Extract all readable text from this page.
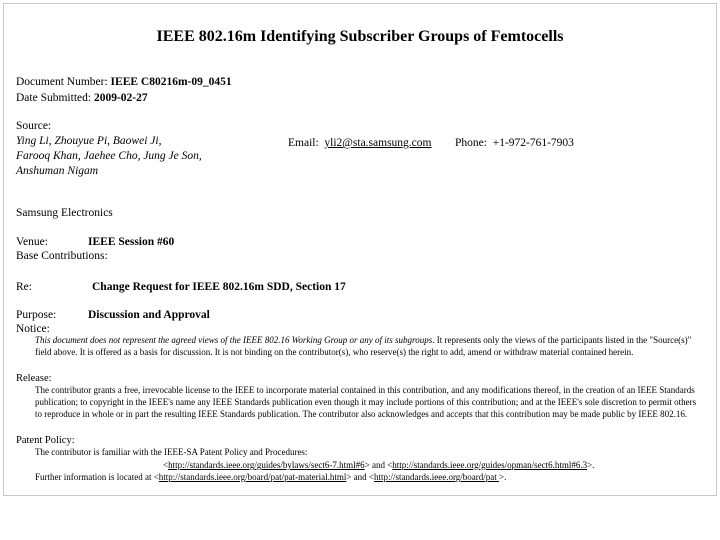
IEEE 802.16m Identifying Subscriber Groups of Femtocells
Document Number: IEEE C80216m-09_0451
Date Submitted: 2009-02-27
Source:
Ying Li, Zhouyue Pi, Baowei Ji,
Farooq Khan, Jaehee Cho, Jung Je Son,
Anshuman Nigam
Email: yli2@sta.samsung.com Phone: +1-972-761-7903
Samsung Electronics
Venue:	IEEE Session #60
Base Contributions:
Re:	Change Request for IEEE 802.16m SDD, Section 17
Purpose:	Discussion and Approval
Notice:
This document does not represent the agreed views of the IEEE 802.16 Working Group or any of its subgroups. It represents only the views of the participants listed in the "Source(s)" field above. It is offered as a basis for discussion. It is not binding on the contributor(s), who reserve(s) the right to add, amend or withdraw material contained herein.
Release:
The contributor grants a free, irrevocable license to the IEEE to incorporate material contained in this contribution, and any modifications thereof, in the creation of an IEEE Standards publication; to copyright in the IEEE's name any IEEE Standards publication even though it may include portions of this contribution; and at the IEEE's sole discretion to permit others to reproduce in whole or in part the resulting IEEE Standards publication. The contributor also acknowledges and accepts that this contribution may be made public by IEEE 802.16.
Patent Policy:
The contributor is familiar with the IEEE-SA Patent Policy and Procedures:
<http://standards.ieee.org/guides/bylaws/sect6-7.html#6> and <http://standards.ieee.org/guides/opman/sect6.html#6.3>.
Further information is located at <http://standards.ieee.org/board/pat/pat-material.html> and <http://standards.ieee.org/board/pat >.
